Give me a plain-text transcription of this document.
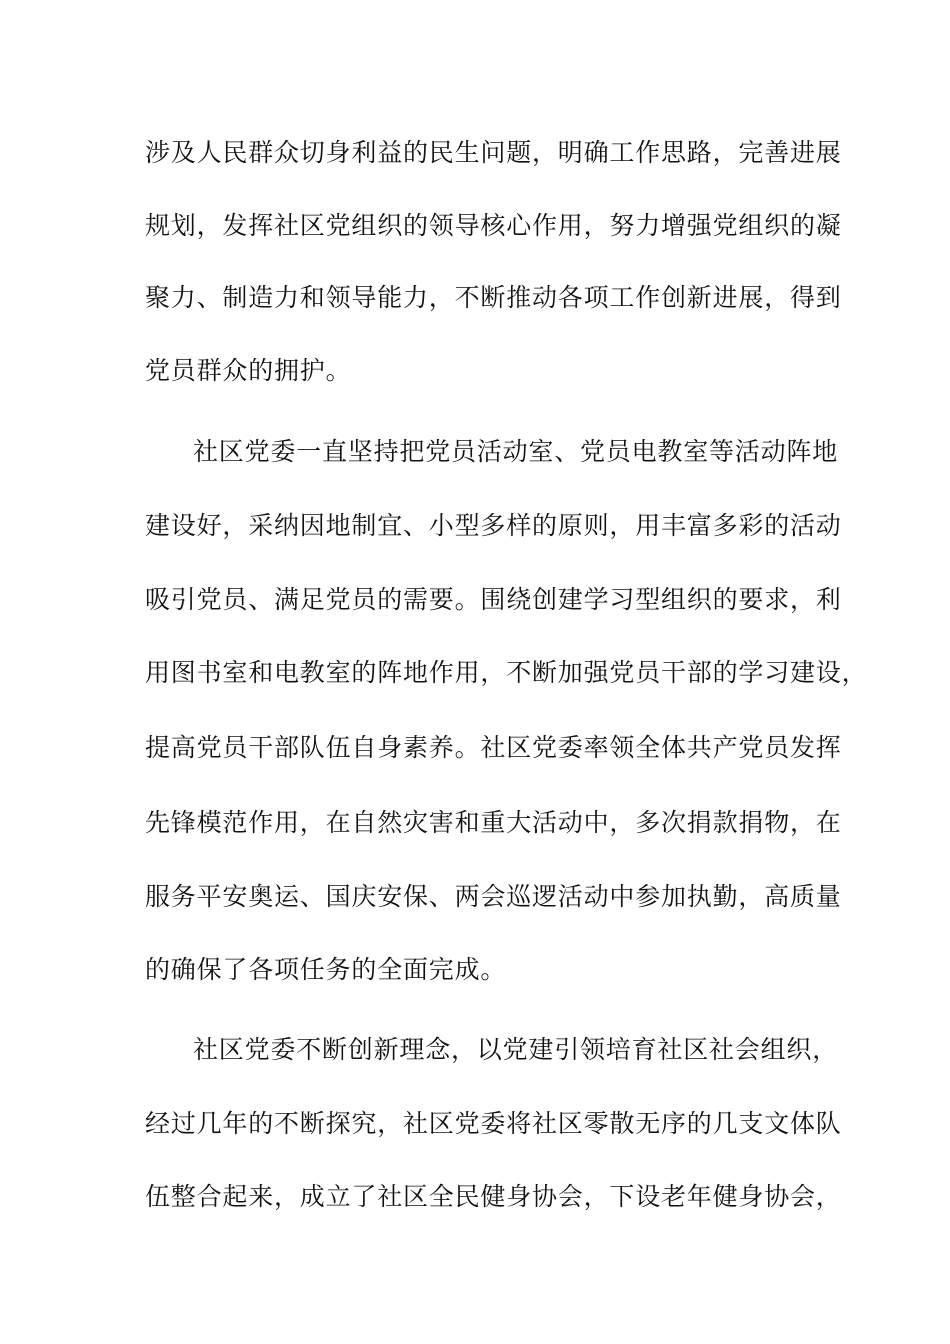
涉及人民群众切身利益的民生问题，明确工作思路，完善进展
规划，发挥社区党组织的领导核心作用，努力增强党组织的凝
聚力、制造力和领导能力，不断推动各项工作创新进展，得到
党员群众的拥护。
社区党委一直坚持把党员活动室、党员电教室等活动阵地
建设好，采纳因地制宜、小型多样的原则，用丰富多彩的活动
吸引党员、满足党员的需要。围绕创建学习型组织的要求，利
用图书室和电教室的阵地作用，不断加强党员干部的学习建设，
提高党员干部队伍自身素养。社区党委率领全体共产党员发挥
先锋模范作用，在自然灾害和重大活动中，多次捐款捐物，在
服务平安奥运、国庆安保、两会巡逻活动中参加执勤，高质量
的确保了各项任务的全面完成。
社区党委不断创新理念，以党建引领培育社区社会组织，
经过几年的不断探究，社区党委将社区零散无序的几支文体队
伍整合起来，成立了社区全民健身协会，下设老年健身协会，
